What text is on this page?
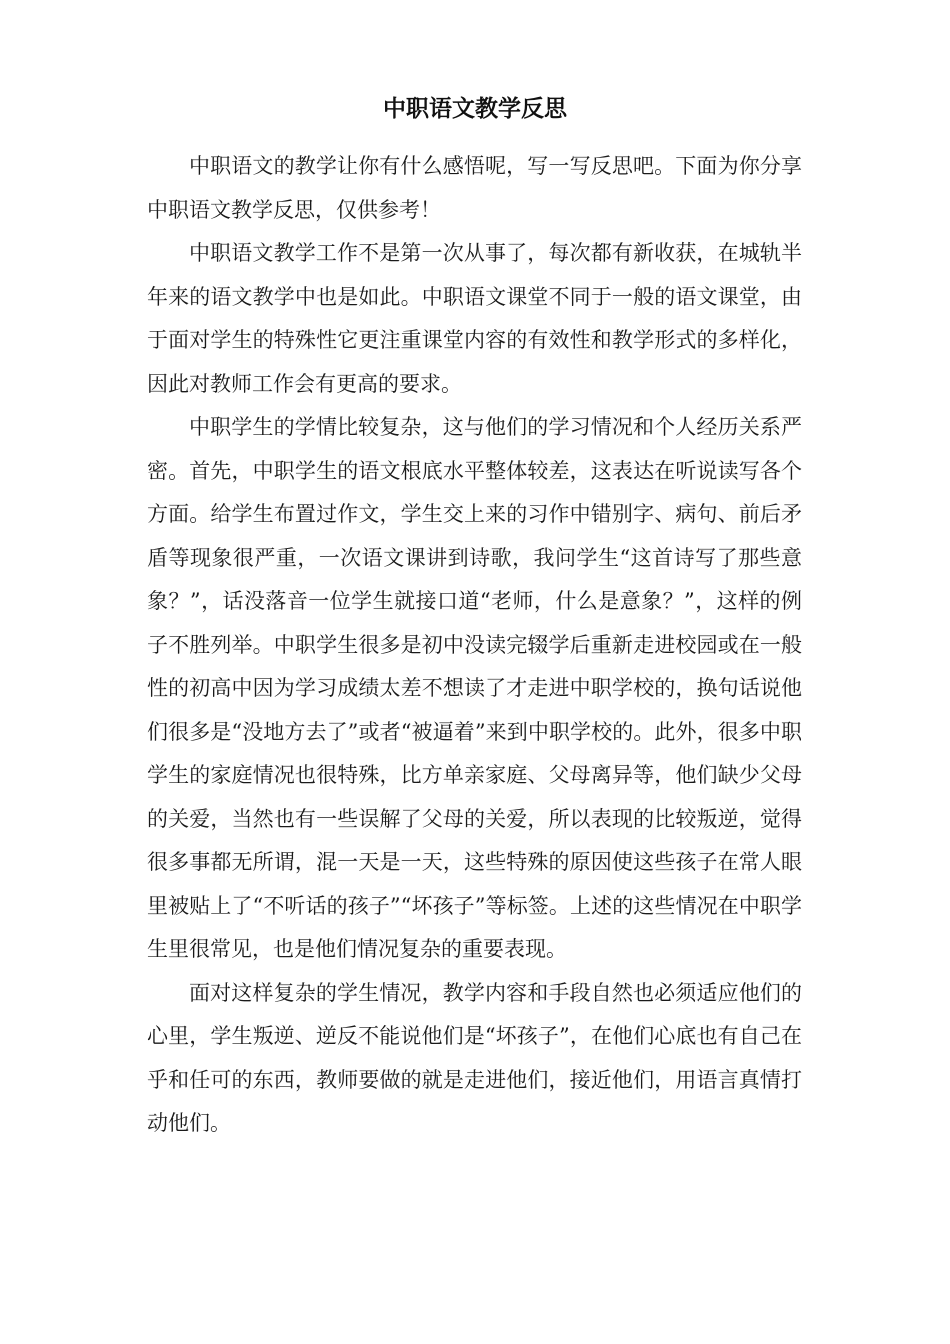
中职语文教学反思

中职语文的教学让你有什么感悟呢，写一写反思吧。下面为你分享中职语文教学反思，仅供参考！

中职语文教学工作不是第一次从事了，每次都有新收获，在城轨半年来的语文教学中也是如此。中职语文课堂不同于一般的语文课堂，由于面对学生的特殊性它更注重课堂内容的有效性和教学形式的多样化，因此对教师工作会有更高的要求。

中职学生的学情比较复杂，这与他们的学习情况和个人经历关系严密。首先，中职学生的语文根底水平整体较差，这表达在听说读写各个方面。给学生布置过作文，学生交上来的习作中错别字、病句、前后矛盾等现象很严重，一次语文课讲到诗歌，我问学生“这首诗写了那些意象？”，话没落音一位学生就接口道“老师，什么是意象？”，这样的例子不胜列举。中职学生很多是初中没读完辍学后重新走进校园或在一般性的初高中因为学习成绩太差不想读了才走进中职学校的，换句话说他们很多是“没地方去了”或者“被逼着”来到中职学校的。此外，很多中职学生的家庭情况也很特殊，比方单亲家庭、父母离异等，他们缺少父母的关爱，当然也有一些误解了父母的关爱，所以表现的比较叛逆，觉得很多事都无所谓，混一天是一天，这些特殊的原因使这些孩子在常人眼里被贴上了“不听话的孩子”“坏孩子”等标签。上述的这些情况在中职学生里很常见，也是他们情况复杂的重要表现。

面对这样复杂的学生情况，教学内容和手段自然也必须适应他们的心里，学生叛逆、逆反不能说他们是“坏孩子”，在他们心底也有自己在乎和任可的东西，教师要做的就是走进他们，接近他们，用语言真情打动他们。
